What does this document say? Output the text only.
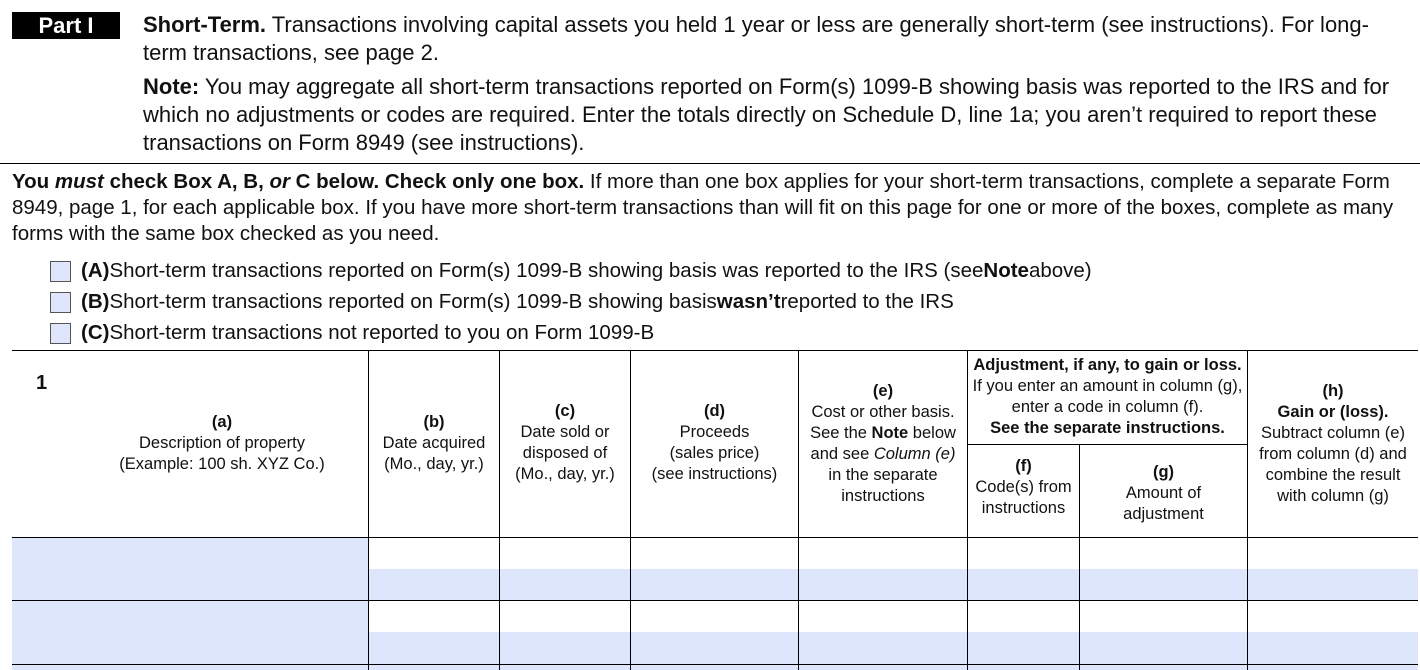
Part I	Short-Term. Transactions involving capital assets you held 1 year or less are generally short-term (see instructions). For long-term transactions, see page 2.

Note: You may aggregate all short-term transactions reported on Form(s) 1099-B showing basis was reported to the IRS and for which no adjustments or codes are required. Enter the totals directly on Schedule D, line 1a; you aren’t required to report these transactions on Form 8949 (see instructions).

You must check Box A, B, or C below. Check only one box. If more than one box applies for your short-term transactions, complete a separate Form 8949, page 1, for each applicable box. If you have more short-term transactions than will fit on this page for one or more of the boxes, complete as many forms with the same box checked as you need.
(A) Short-term transactions reported on Form(s) 1099-B showing basis was reported to the IRS (see Note above)
(B) Short-term transactions reported on Form(s) 1099-B showing basis wasn’t reported to the IRS
(C) Short-term transactions not reported to you on Form 1099-B
1
(a)
Description of property
(Example: 100 sh. XYZ Co.)
(b)
Date acquired
(Mo., day, yr.)
(c)
Date sold or
disposed of
(Mo., day, yr.)
(d)
Proceeds
(sales price)
(see instructions)
(e)
Cost or other basis.
See the Note below
and see Column (e)
in the separate
instructions
Adjustment, if any, to gain or loss.
If you enter an amount in column (g),
enter a code in column (f).
See the separate instructions.
(f)
Code(s) from
instructions
(g)
Amount of
adjustment
(h)
Gain or (loss).
Subtract column (e)
from column (d) and
combine the result
with column (g)
